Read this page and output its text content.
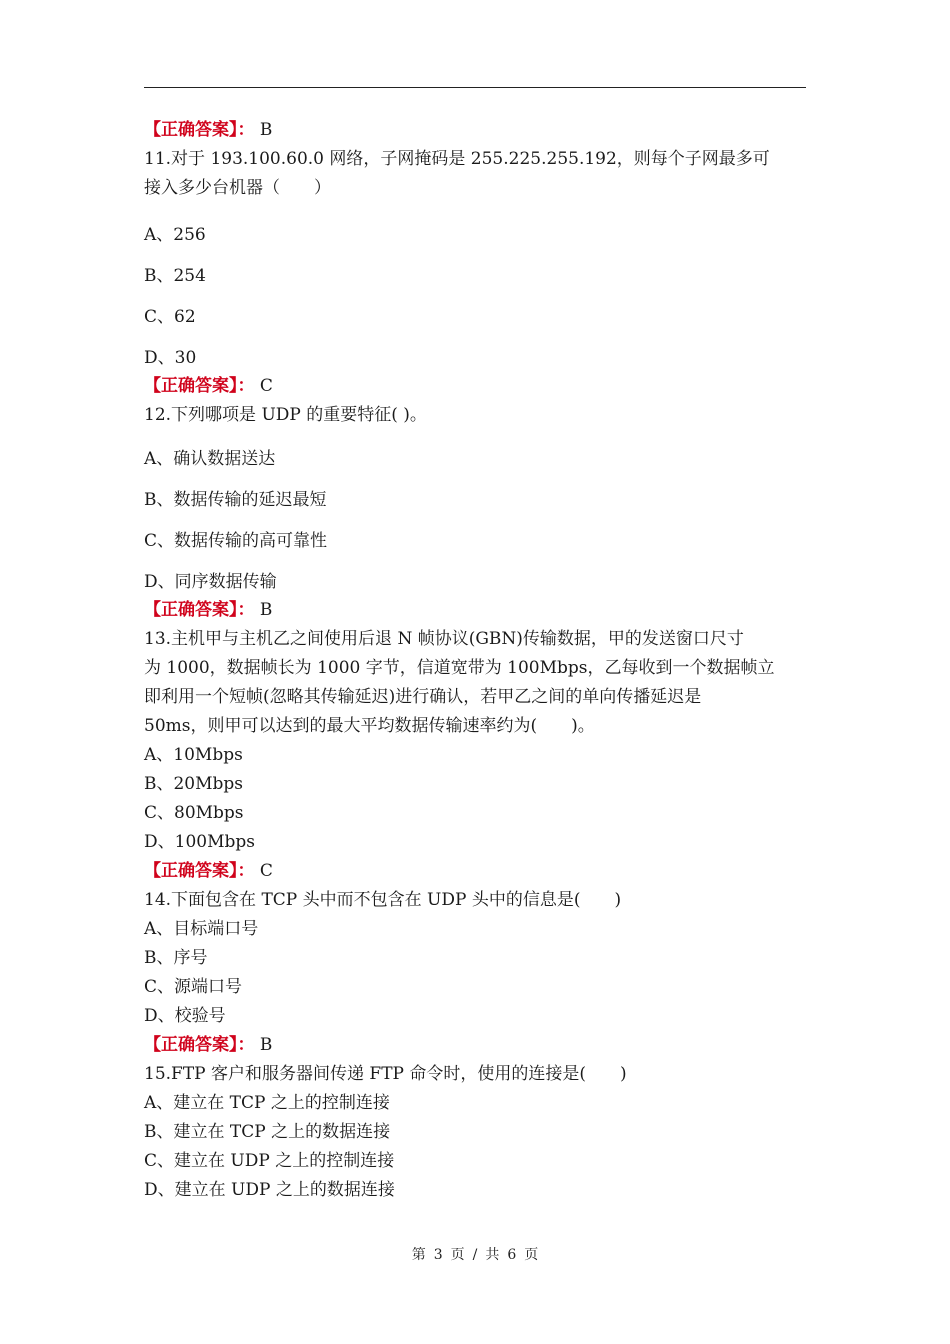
【正确答案】： B
11.对于 193.100.60.0 网络，子网掩码是 255.225.255.192，则每个子网最多可
接入多少台机器（　　）
A、256
B、254
C、62
D、30
【正确答案】： C
12.下列哪项是 UDP 的重要特征( )。
A、确认数据送达
B、数据传输的延迟最短
C、数据传输的高可靠性
D、同序数据传输
【正确答案】： B
13.主机甲与主机乙之间使用后退 N 帧协议(GBN)传输数据，甲的发送窗口尺寸
为 1000，数据帧长为 1000 字节，信道宽带为 100Mbps，乙每收到一个数据帧立
即利用一个短帧(忽略其传输延迟)进行确认，若甲乙之间的单向传播延迟是
50ms，则甲可以达到的最大平均数据传输速率约为(　　)。
A、10Mbps
B、20Mbps
C、80Mbps
D、100Mbps
【正确答案】： C
14.下面包含在 TCP 头中而不包含在 UDP 头中的信息是(　　)
A、目标端口号
B、序号
C、源端口号
D、校验号
【正确答案】： B
15.FTP 客户和服务器间传递 FTP 命令时，使用的连接是(　　)
A、建立在 TCP 之上的控制连接
B、建立在 TCP 之上的数据连接
C、建立在 UDP 之上的控制连接
D、建立在 UDP 之上的数据连接
第 3 页 / 共 6 页
